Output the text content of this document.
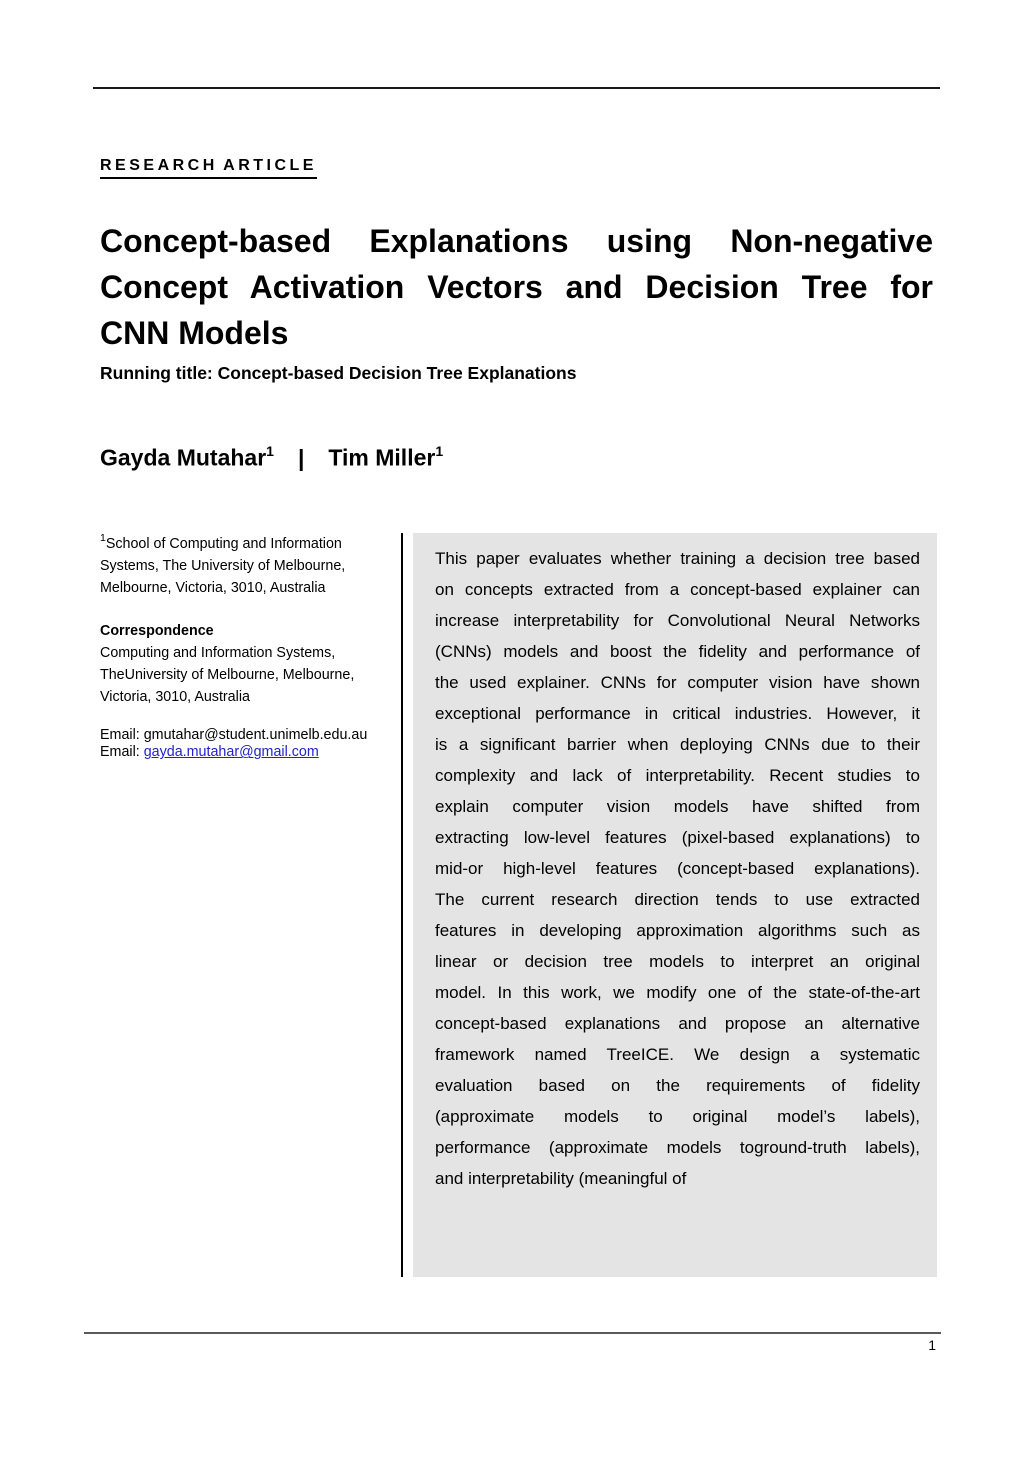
RESEARCH ARTICLE
Concept-based Explanations using Non-negative
Concept Activation Vectors and Decision Tree for
CNN Models
Running title: Concept-based Decision Tree Explanations
Gayda Mutahar$^1$ | Tim Miller$^1$

$^1$School of Computing and Information Systems, The University of Melbourne, Melbourne, Victoria, 3010, Australia

Correspondence

Computing and Information Systems, TheUniversity of Melbourne, Melbourne, Victoria, 3010, Australia

Email: gmutahar@student.unimelb.edu.au
Email: gayda.mutahar@gmail.com
This paper evaluates whether training a decision tree based
on concepts extracted from a concept-based explainer can
increase interpretability for Convolutional Neural Networks
(CNNs) models and boost the fidelity and performance of
the used explainer. CNNs for computer vision have shown
exceptional performance in critical industries. However, it
is a significant barrier when deploying CNNs due to their
complexity and lack of interpretability. Recent studies to
explain computer vision models have shifted from
extracting low-level features (pixel-based explanations) to
mid-or high-level features (concept-based explanations).
The current research direction tends to use extracted
features in developing approximation algorithms such as
linear or decision tree models to interpret an original
model. In this work, we modify one of the state-of-the-art
concept-based explanations and propose an alternative
framework named TreeICE. We design a systematic
evaluation based on the requirements of fidelity
(approximate models to original model’s labels),
performance (approximate models toground-truth labels),
and interpretability (meaningful of
1
